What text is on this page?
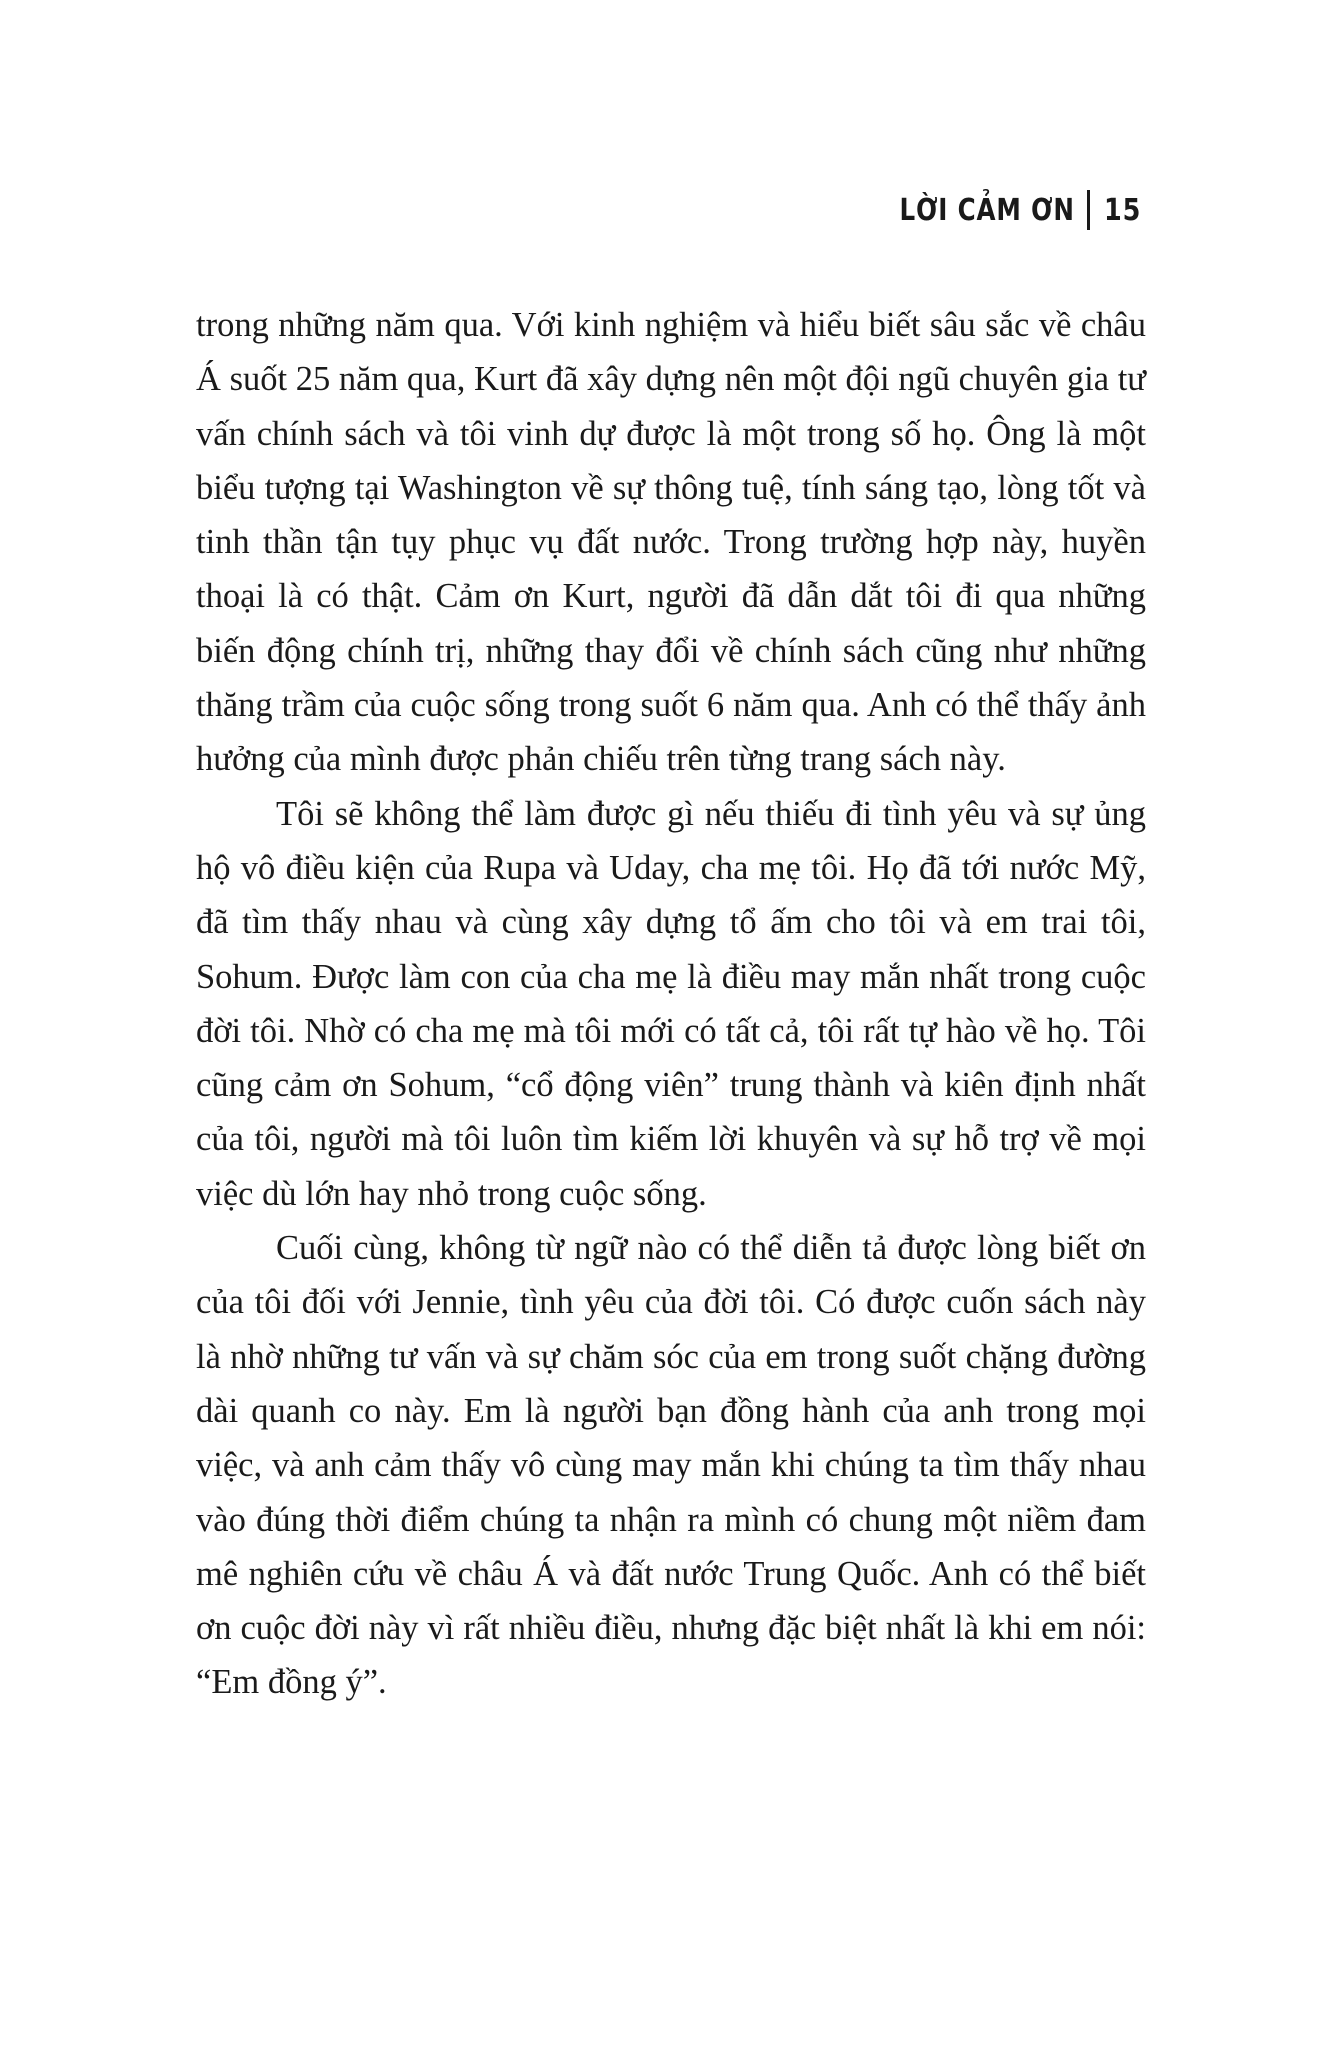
LỜI CẢM ƠN 15

trong những năm qua. Với kinh nghiệm và hiểu biết sâu sắc về châu Á suốt 25 năm qua, Kurt đã xây dựng nên một đội ngũ chuyên gia tư vấn chính sách và tôi vinh dự được là một trong số họ. Ông là một biểu tượng tại Washington về sự thông tuệ, tính sáng tạo, lòng tốt và tinh thần tận tụy phục vụ đất nước. Trong trường hợp này, huyền thoại là có thật. Cảm ơn Kurt, người đã dẫn dắt tôi đi qua những biến động chính trị, những thay đổi về chính sách cũng như những thăng trầm của cuộc sống trong suốt 6 năm qua. Anh có thể thấy ảnh hưởng của mình được phản chiếu trên từng trang sách này.

Tôi sẽ không thể làm được gì nếu thiếu đi tình yêu và sự ủng hộ vô điều kiện của Rupa và Uday, cha mẹ tôi. Họ đã tới nước Mỹ, đã tìm thấy nhau và cùng xây dựng tổ ấm cho tôi và em trai tôi, Sohum. Được làm con của cha mẹ là điều may mắn nhất trong cuộc đời tôi. Nhờ có cha mẹ mà tôi mới có tất cả, tôi rất tự hào về họ. Tôi cũng cảm ơn Sohum, “cổ động viên” trung thành và kiên định nhất của tôi, người mà tôi luôn tìm kiếm lời khuyên và sự hỗ trợ về mọi việc dù lớn hay nhỏ trong cuộc sống.

Cuối cùng, không từ ngữ nào có thể diễn tả được lòng biết ơn của tôi đối với Jennie, tình yêu của đời tôi. Có được cuốn sách này là nhờ những tư vấn và sự chăm sóc của em trong suốt chặng đường dài quanh co này. Em là người bạn đồng hành của anh trong mọi việc, và anh cảm thấy vô cùng may mắn khi chúng ta tìm thấy nhau vào đúng thời điểm chúng ta nhận ra mình có chung một niềm đam mê nghiên cứu về châu Á và đất nước Trung Quốc. Anh có thể biết ơn cuộc đời này vì rất nhiều điều, nhưng đặc biệt nhất là khi em nói: “Em đồng ý”.
